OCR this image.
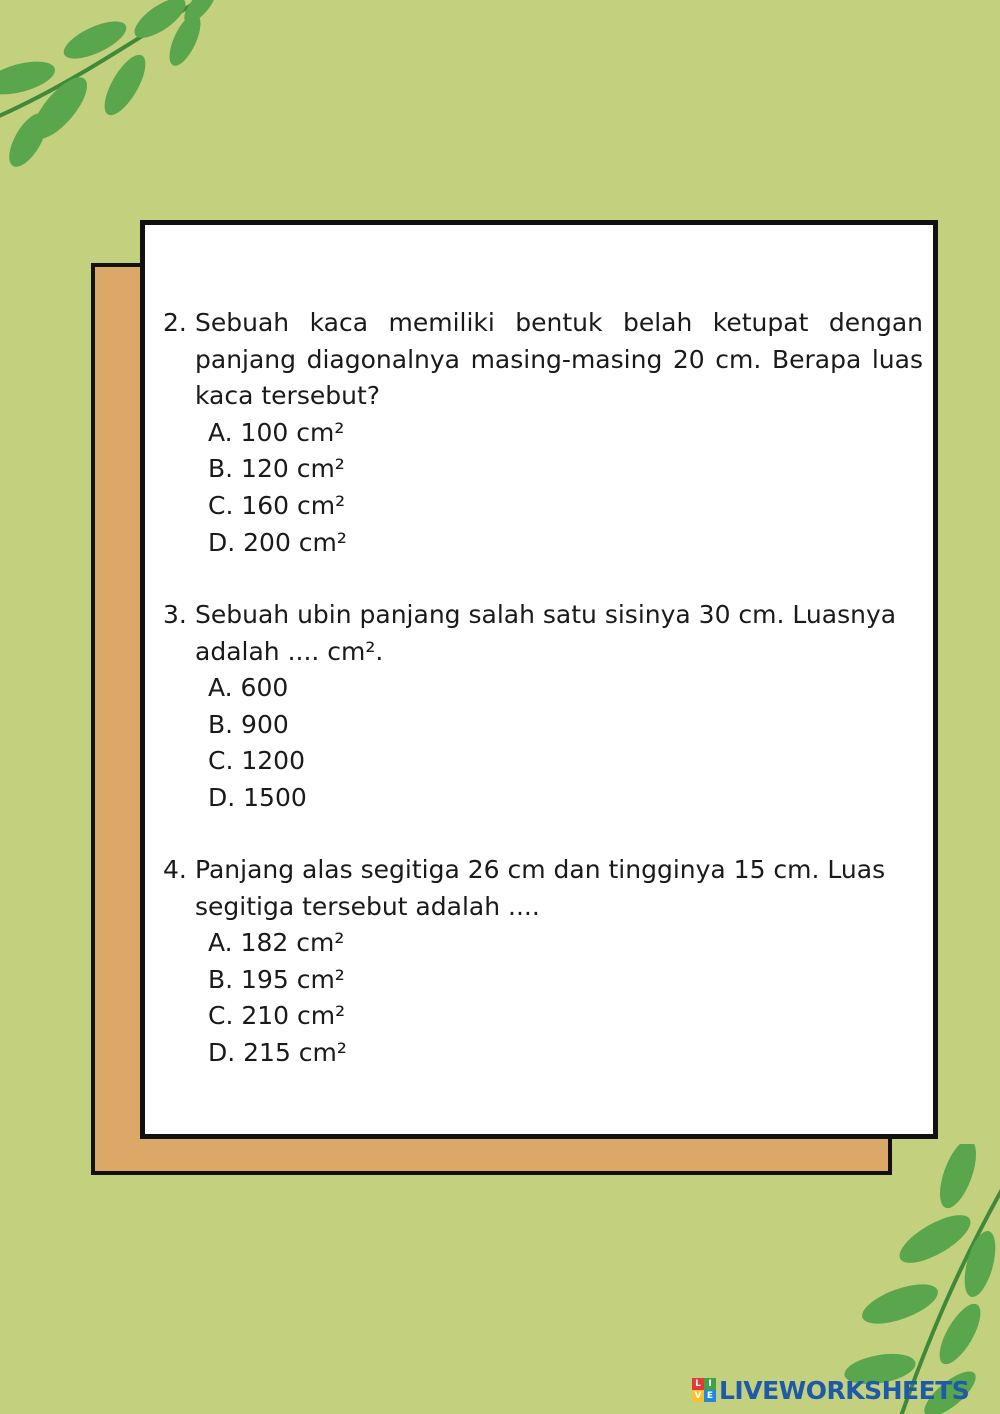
2. Sebuah kaca memiliki bentuk belah ketupat dengan panjang diagonalnya masing-masing 20 cm. Berapa luas kaca tersebut?
A. 100 cm²
B. 120 cm²
C. 160 cm²
D. 200 cm²
3. Sebuah ubin panjang salah satu sisinya 30 cm. Luasnya adalah .... cm².
A. 600
B. 900
C. 1200
D. 1500
4. Panjang alas segitiga 26 cm dan tingginya 15 cm. Luas segitiga tersebut adalah ....
A. 182 cm²
B. 195 cm²
C. 210 cm²
D. 215 cm²
L I
V E LIVEWORKSHEETS
